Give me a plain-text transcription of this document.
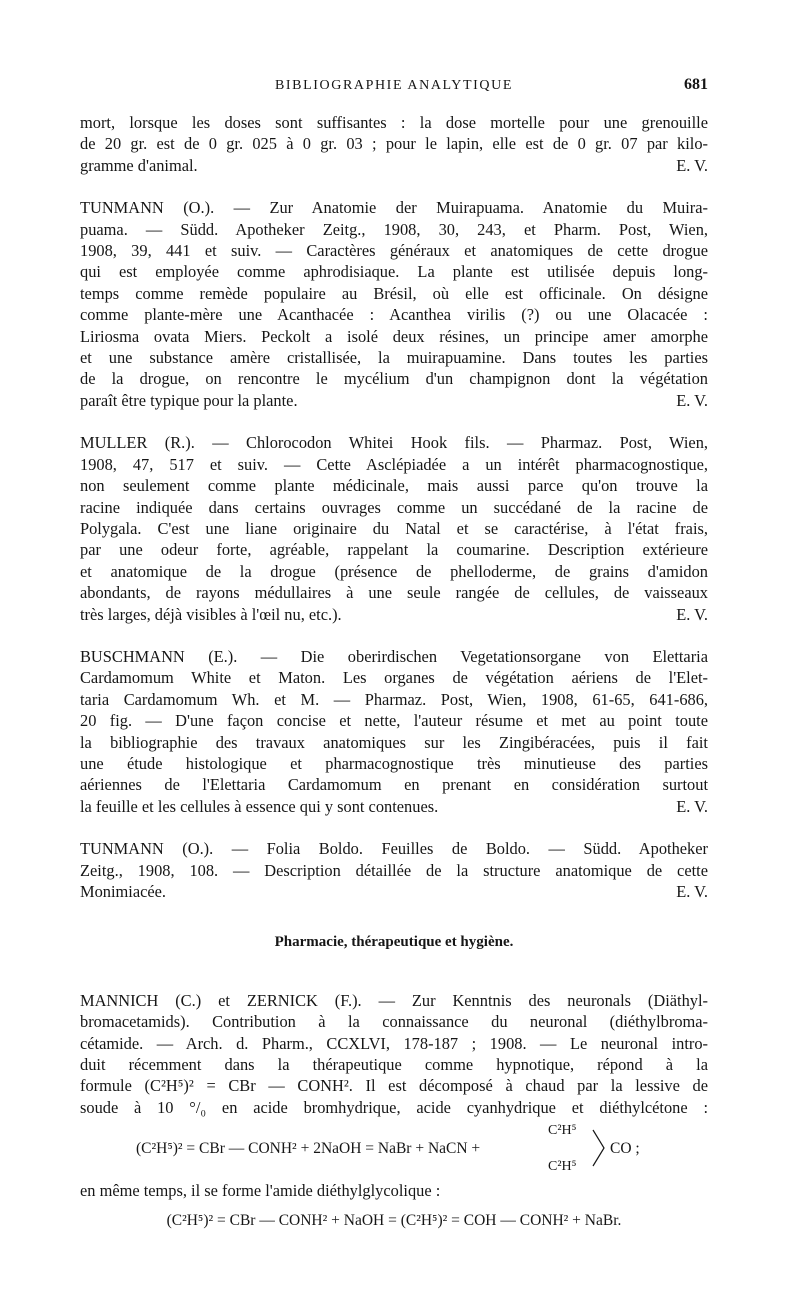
BIBLIOGRAPHIE ANALYTIQUE	681
mort, lorsque les doses sont suffisantes : la dose mortelle pour une grenouille
de 20 gr. est de 0 gr. 025 à 0 gr. 03 ; pour le lapin, elle est de 0 gr. 07 par kilo-
gramme d'animal.	E. V.
TUNMANN (O.). — Zur Anatomie der Muirapuama. Anatomie du Muira-
puama. — Südd. Apotheker Zeitg., 1908, 30, 243, et Pharm. Post, Wien,
1908, 39, 441 et suiv. — Caractères généraux et anatomiques de cette drogue
qui est employée comme aphrodisiaque. La plante est utilisée depuis long-
temps comme remède populaire au Brésil, où elle est officinale. On désigne
comme plante-mère une Acanthacée : Acanthea virilis (?) ou une Olacacée :
Liriosma ovata Miers. Peckolt a isolé deux résines, un principe amer amorphe
et une substance amère cristallisée, la muirapuamine. Dans toutes les parties
de la drogue, on rencontre le mycélium d'un champignon dont la végétation
paraît être typique pour la plante.	E. V.
MULLER (R.). — Chlorocodon Whitei Hook fils. — Pharmaz. Post, Wien,
1908, 47, 517 et suiv. — Cette Asclépiadée a un intérêt pharmacognostique,
non seulement comme plante médicinale, mais aussi parce qu'on trouve la
racine indiquée dans certains ouvrages comme un succédané de la racine de
Polygala. C'est une liane originaire du Natal et se caractérise, à l'état frais,
par une odeur forte, agréable, rappelant la coumarine. Description extérieure
et anatomique de la drogue (présence de phelloderme, de grains d'amidon
abondants, de rayons médullaires à une seule rangée de cellules, de vaisseaux
très larges, déjà visibles à l'œil nu, etc.).	E. V.
BUSCHMANN (E.). — Die oberirdischen Vegetationsorgane von Elettaria
Cardamomum White et Maton. Les organes de végétation aériens de l'Elet-
taria Cardamomum Wh. et M. — Pharmaz. Post, Wien, 1908, 61-65, 641-686,
20 fig. — D'une façon concise et nette, l'auteur résume et met au point toute
la bibliographie des travaux anatomiques sur les Zingibéracées, puis il fait
une étude histologique et pharmacognostique très minutieuse des parties
aériennes de l'Elettaria Cardamomum en prenant en considération surtout
la feuille et les cellules à essence qui y sont contenues.	E. V.
TUNMANN (O.). — Folia Boldo. Feuilles de Boldo. — Südd. Apotheker
Zeitg., 1908, 108. — Description détaillée de la structure anatomique de cette
Monimiacée.	E. V.
Pharmacie, thérapeutique et hygiène.
MANNICH (C.) et ZERNICK (F.). — Zur Kenntnis des neuronals (Diäthyl-
bromacetamids). Contribution à la connaissance du neuronal (diéthylbroma-
cétamide. — Arch. d. Pharm., CCXLVI, 178-187 ; 1908. — Le neuronal intro-
duit récemment dans la thérapeutique comme hypnotique, répond à la
formule (C²H⁵)² = CBr — CONH². Il est décomposé à chaud par la lessive de
soude à 10 °/₀ en acide bromhydrique, acide cyanhydrique et diéthylcétone :
(C²H⁵)² = CBr — CONH² + 2NaOH = NaBr + NaCN +
C²H⁵
C²H⁵
CO ;
en même temps, il se forme l'amide diéthylglycolique :
(C²H⁵)² = CBr — CONH² + NaOH = (C²H⁵)² = COH — CONH² + NaBr.
